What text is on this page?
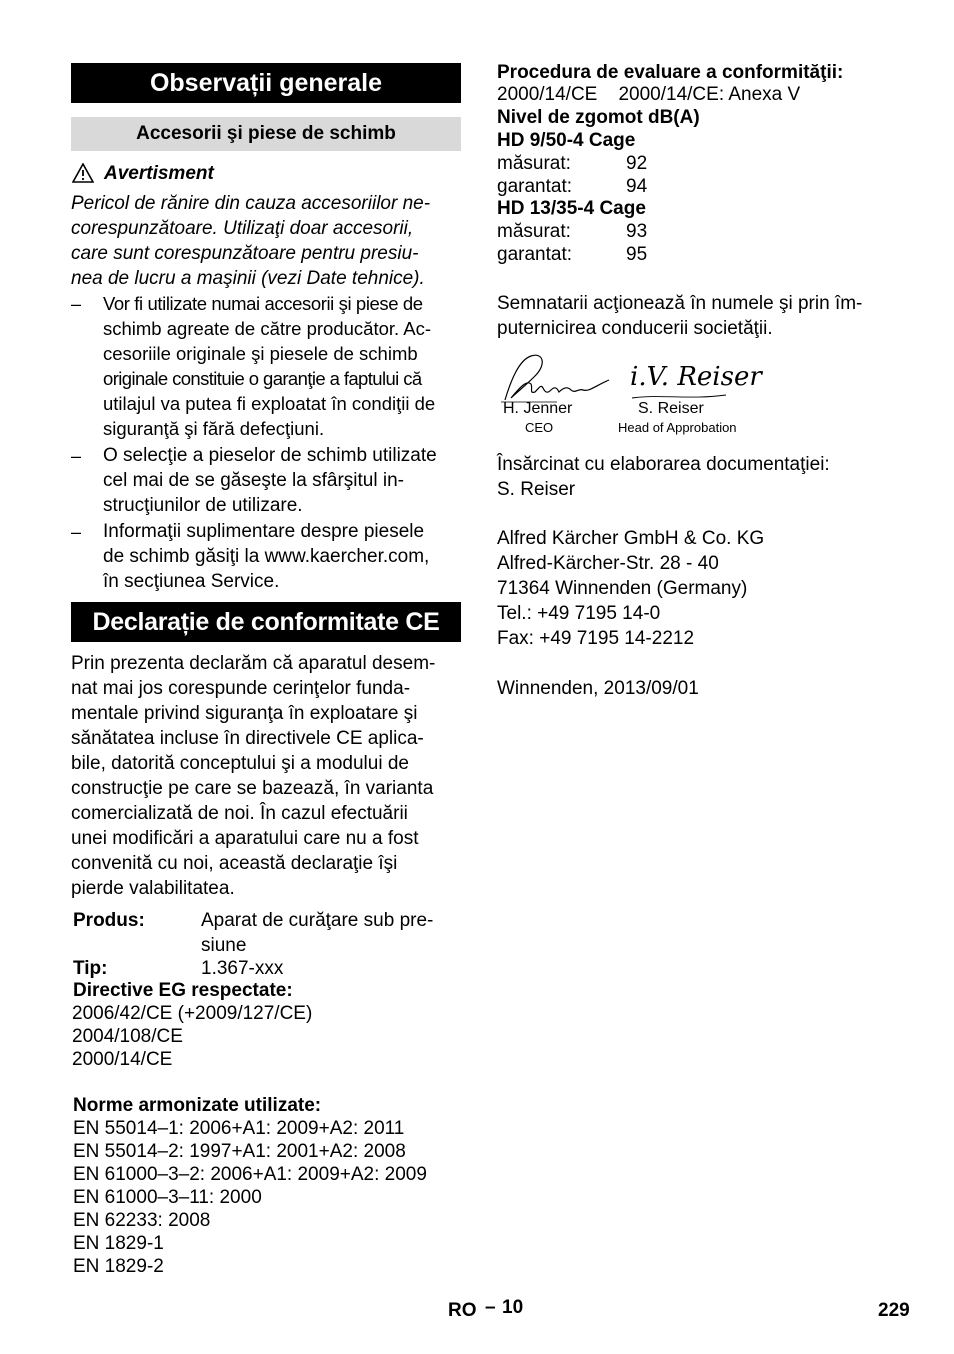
Observații generale
Accesorii şi piese de schimb
Avertisment
Pericol de rănire din cauza accesoriilor ne-
corespunzătoare. Utilizaţi doar accesorii,
care sunt corespunzătoare pentru presiu-
nea de lucru a maşinii (vezi Date tehnice).
– Vor fi utilizate numai accesorii şi piese de
schimb agreate de către producător. Ac-
cesoriile originale şi piesele de schimb
originale constituie o garanţie a faptului că
utilajul va putea fi exploatat în condiţii de
siguranţă şi fără defecţiuni.
– O selecţie a pieselor de schimb utilizate
cel mai de se găseşte la sfârşitul in-
strucţiunilor de utilizare.
– Informaţii suplimentare despre piesele
de schimb găsiţi la www.kaercher.com,
în secţiunea Service.
Declarație de conformitate CE
Prin prezenta declarăm că aparatul desem-
nat mai jos corespunde cerinţelor funda-
mentale privind siguranţa în exploatare şi
sănătatea incluse în directivele CE aplica-
bile, datorită conceptului şi a modului de
construcţie pe care se bazează, în varianta
comercializată de noi. În cazul efectuării
unei modificări a aparatului care nu a fost
convenită cu noi, această declaraţie îşi
pierde valabilitatea.
Produs:	Aparat de curăţare sub pre-
siune
Tip:	1.367-xxx
Directive EG respectate:
2006/42/CE (+2009/127/CE)
2004/108/CE
2000/14/CE
Norme armonizate utilizate:
EN 55014–1: 2006+A1: 2009+A2: 2011
EN 55014–2: 1997+A1: 2001+A2: 2008
EN 61000–3–2: 2006+A1: 2009+A2: 2009
EN 61000–3–11: 2000
EN 62233: 2008
EN 1829-1
EN 1829-2
Procedura de evaluare a conformităţii:
2000/14/CE    2000/14/CE: Anexa V
Nivel de zgomot dB(A)
HD 9/50-4 Cage
măsurat:	92
garantat:	94
HD 13/35-4 Cage
măsurat:	93
garantat:	95
Semnatarii acţionează în numele şi prin îm-
puternicirea conducerii societăţii.
i.V. Reiser
H. Jenner
CEO
S. Reiser
Head of Approbation
Însărcinat cu elaborarea documentaţiei:
S. Reiser
Alfred Kärcher GmbH & Co. KG
Alfred-Kärcher-Str. 28 - 40
71364 Winnenden (Germany)
Tel.: +49 7195 14-0
Fax: +49 7195 14-2212
Winnenden, 2013/09/01
RO – 10	229
